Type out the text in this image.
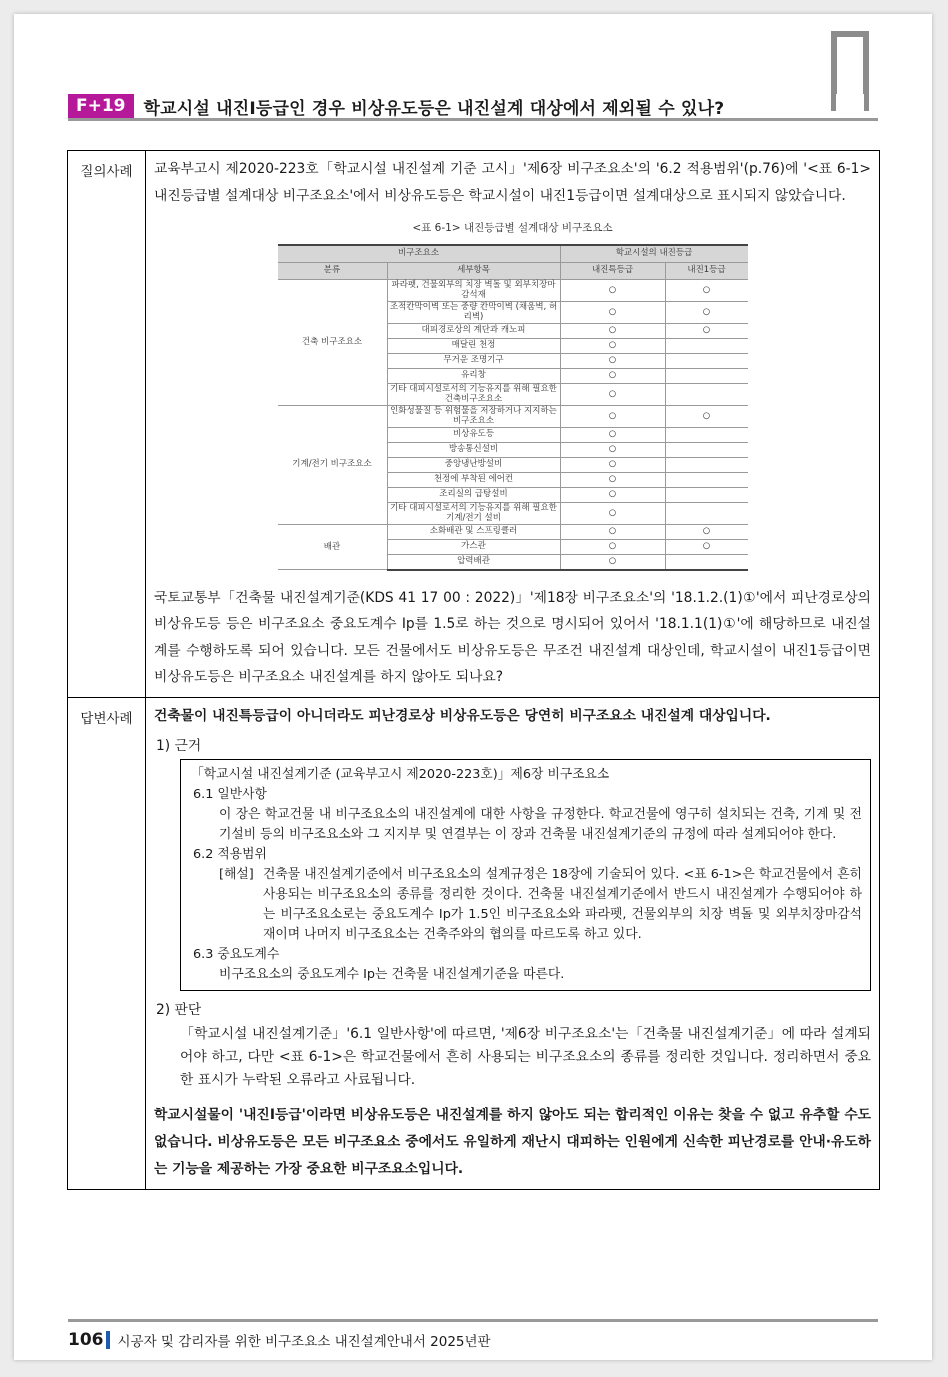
F+19	학교시설 내진Ⅰ등급인 경우 비상유도등은 내진설계 대상에서 제외될 수 있나?
질의사례	교육부고시 제2020-223호「학교시설 내진설계 기준 고시」'제6장 비구조요소'의 '6.2 적용범위'(p.76)에 '<표 6-1> 내진등급별 설계대상 비구조요소'에서 비상유도등은 학교시설이 내진1등급이면 설계대상으로 표시되지 않았습니다.
<표 6-1> 내진등급별 설계대상 비구조요소
비구조요소		학교시설의 내진등급	
분류	세부항목	내진특등급	내진1등급
건축 비구조요소	파라펫, 건물외부의 치장 벽돌 및 외부치장마감석재	○	○
	조적칸막이벽 또는 중량 칸막이벽 (채움벽, 허리벽)	○	○
	대피경로상의 계단과 캐노피	○	○
	매달린 천정	○	
	무거운 조명기구	○	
	유리창	○	
	기타 대피시설로서의 기능유지를 위해 필요한 건축비구조요소	○	
기계/전기 비구조요소	인화성물질 등 위험물을 저장하거나 지지하는 비구조요소	○	○
	비상유도등	○	
	방송통신설비	○	
	중앙냉난방설비	○	
	천정에 부착된 에어컨	○	
	조리실의 급탕설비	○	
	기타 대피시설로서의 기능유지를 위해 필요한 기계/전기 설비	○	
배관	소화배관 및 스프링클러	○	○
	가스관	○	○
	압력배관	○	
국토교통부「건축물 내진설계기준(KDS 41 17 00 : 2022)」'제18장 비구조요소'의 '18.1.2.(1)①'에서 피난경로상의 비상유도등 등은 비구조요소 중요도계수 Ip를 1.5로 하는 것으로 명시되어 있어서 '18.1.1(1)①'에 해당하므로 내진설계를 수행하도록 되어 있습니다. 모든 건물에서도 비상유도등은 무조건 내진설계 대상인데, 학교시설이 내진1등급이면 비상유도등은 비구조요소 내진설계를 하지 않아도 되나요?
답변사례	건축물이 내진특등급이 아니더라도 피난경로상 비상유도등은 당연히 비구조요소 내진설계 대상입니다.
1) 근거
「학교시설 내진설계기준 (교육부고시 제2020-223호)」제6장 비구조요소
6.1 일반사항
이 장은 학교건물 내 비구조요소의 내진설계에 대한 사항을 규정한다. 학교건물에 영구히 설치되는 건축, 기계 및 전기설비 등의 비구조요소와 그 지지부 및 연결부는 이 장과 건축물 내진설계기준의 규정에 따라 설계되어야 한다.
6.2 적용범위
[해설] 건축물 내진설계기준에서 비구조요소의 설계규정은 18장에 기술되어 있다. <표 6-1>은 학교건물에서 흔히 사용되는 비구조요소의 종류를 정리한 것이다. 건축물 내진설계기준에서 반드시 내진설계가 수행되어야 하는 비구조요소로는 중요도계수 Ip가 1.5인 비구조요소와 파라펫, 건물외부의 치장 벽돌 및 외부치장마감석재이며 나머지 비구조요소는 건축주와의 협의를 따르도록 하고 있다.
6.3 중요도계수
비구조요소의 중요도계수 Ip는 건축물 내진설계기준을 따른다.
2) 판단
「학교시설 내진설계기준」'6.1 일반사항'에 따르면, '제6장 비구조요소'는「건축물 내진설계기준」에 따라 설계되어야 하고, 다만 <표 6-1>은 학교건물에서 흔히 사용되는 비구조요소의 종류를 정리한 것입니다. 정리하면서 중요한 표시가 누락된 오류라고 사료됩니다.
학교시설물이 '내진Ⅰ등급'이라면 비상유도등은 내진설계를 하지 않아도 되는 합리적인 이유는 찾을 수 없고 유추할 수도 없습니다. 비상유도등은 모든 비구조요소 중에서도 유일하게 재난시 대피하는 인원에게 신속한 피난경로를 안내·유도하는 기능을 제공하는 가장 중요한 비구조요소입니다.
106 시공자 및 감리자를 위한 비구조요소 내진설계안내서 2025년판
